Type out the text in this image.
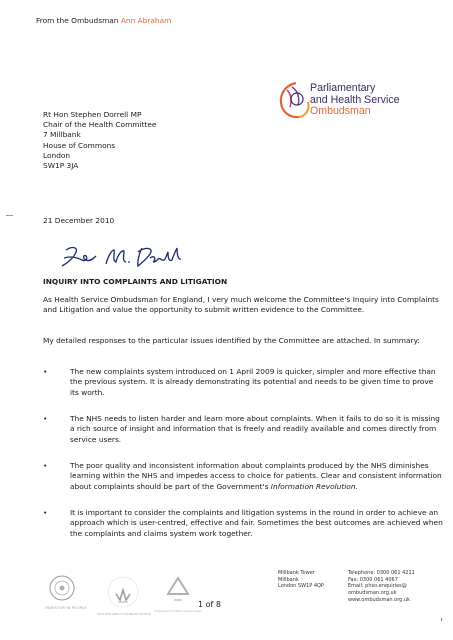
From the Ombudsman Ann Abraham
Parliamentary
and Health Service
Ombudsman
Rt Hon Stephen Dorrell MP
Chair of the Health Committee
7 Millbank
House of Commons
London
SW1P 3JA
21 December 2010
INQUIRY INTO COMPLAINTS AND LITIGATION
As Health Service Ombudsman for England, I very much welcome the Committee's Inquiry into Complaints and Litigation and value the opportunity to submit written evidence to the Committee.
My detailed responses to the particular issues identified by the Committee are attached. In summary:
•	The new complaints system introduced on 1 April 2009 is quicker, simpler and more effective than the previous system. It is already demonstrating its potential and needs to be given time to prove its worth.
•	The NHS needs to listen harder and learn more about complaints. When it fails to do so it is missing a rich source of insight and information that is freely and readily available and comes directly from service users.
•	The poor quality and inconsistent information about complaints produced by the NHS diminishes learning within the NHS and impedes access to choice for patients. Clear and consistent information about complaints should be part of the Government's Information Revolution.
•	It is important to consider the complaints and litigation systems in the round in order to achieve an approach which is user-centred, effective and fair. Sometimes the best outcomes are achieved when the complaints and claims system work together.
INVESTOR IN PEOPLE
POSITIVE ABOUT DISABLED PEOPLE
Produced from 100% recycled paper
1 of 8
Millbank Tower
Millbank
London SW1P 4QP
Telephone: 0300 061 4211
Fax: 0300 061 4067
Email: phso.enquiries@
ombudsman.org.uk
www.ombudsman.org.uk
